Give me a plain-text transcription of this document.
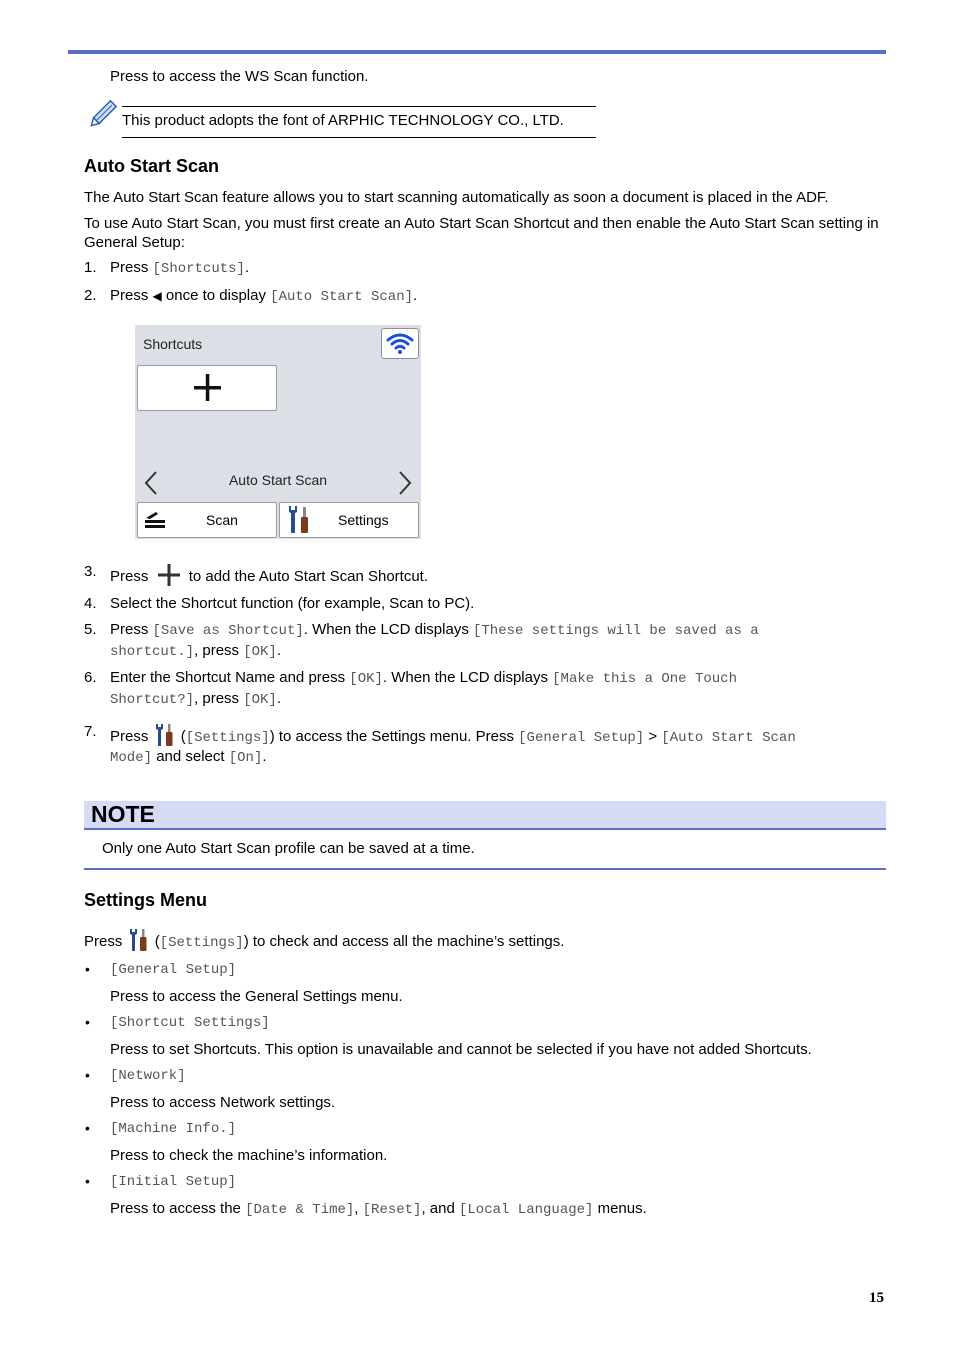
Press to access the WS Scan function.
This product adopts the font of ARPHIC TECHNOLOGY CO., LTD.
Auto Start Scan
The Auto Start Scan feature allows you to start scanning automatically as soon a document is placed in the ADF.
To use Auto Start Scan, you must first create an Auto Start Scan Shortcut and then enable the Auto Start Scan setting in General Setup:
1. Press [Shortcuts].
2. Press ◀ once to display [Auto Start Scan].
Shortcuts
Auto Start Scan
Scan	Settings
3. Press	to add the Auto Start Scan Shortcut.
4. Select the Shortcut function (for example, Scan to PC).
5. Press [Save as Shortcut]. When the LCD displays [These settings will be saved as a
shortcut.], press [OK].
6. Enter the Shortcut Name and press [OK]. When the LCD displays [Make this a One Touch
Shortcut?], press [OK].
7. Press ([Settings]) to access the Settings menu. Press [General Setup] > [Auto Start Scan
Mode] and select [On].
NOTE
Only one Auto Start Scan profile can be saved at a time.
Settings Menu
Press ([Settings]) to check and access all the machine’s settings.
• [General Setup]
Press to access the General Settings menu.
• [Shortcut Settings]
Press to set Shortcuts. This option is unavailable and cannot be selected if you have not added Shortcuts.
• [Network]
Press to access Network settings.
• [Machine Info.]
Press to check the machine’s information.
• [Initial Setup]
Press to access the [Date & Time], [Reset], and [Local Language] menus.
15
